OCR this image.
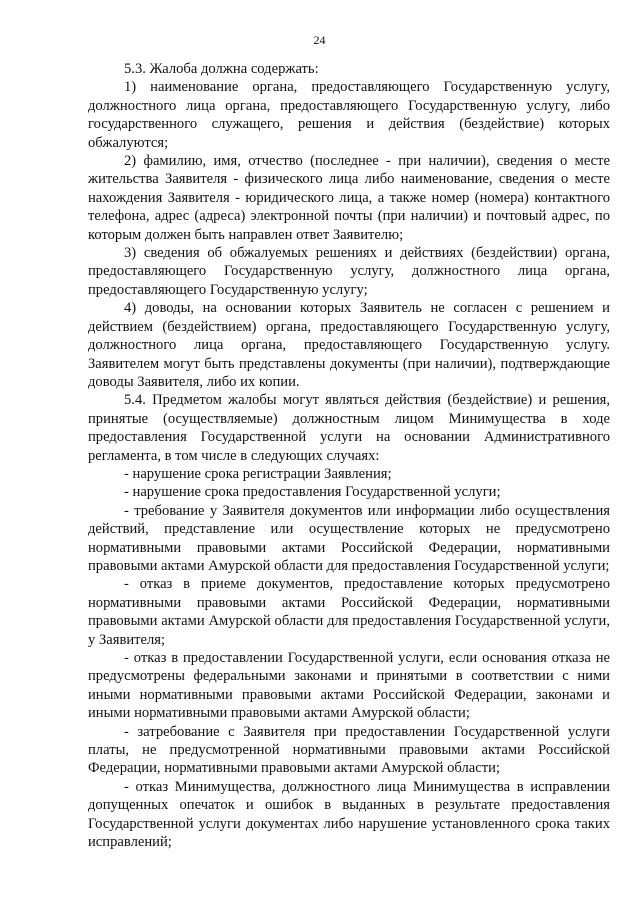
24

5.3. Жалоба должна содержать:

1) наименование органа, предоставляющего Государственную услугу, должностного лица органа, предоставляющего Государственную услугу, либо государственного служащего, решения и действия (бездействие) которых обжалуются;

2) фамилию, имя, отчество (последнее - при наличии), сведения о месте жительства Заявителя - физического лица либо наименование, сведения о месте нахождения Заявителя - юридического лица, а также номер (номера) контактного телефона, адрес (адреса) электронной почты (при наличии) и почтовый адрес, по которым должен быть направлен ответ Заявителю;

3) сведения об обжалуемых решениях и действиях (бездействии) органа, предоставляющего Государственную услугу, должностного лица органа, предоставляющего Государственную услугу;

4) доводы, на основании которых Заявитель не согласен с решением и действием (бездействием) органа, предоставляющего Государственную услугу, должностного лица органа, предоставляющего Государственную услугу. Заявителем могут быть представлены документы (при наличии), подтверждающие доводы Заявителя, либо их копии.

5.4. Предметом жалобы могут являться действия (бездействие) и решения, принятые (осуществляемые) должностным лицом Минимущества в ходе предоставления Государственной услуги на основании Административного регламента, в том числе в следующих случаях:

- нарушение срока регистрации Заявления;

- нарушение срока предоставления Государственной услуги;

- требование у Заявителя документов или информации либо осуществления действий, представление или осуществление которых не предусмотрено нормативными правовыми актами Российской Федерации, нормативными правовыми актами Амурской области для предоставления Государственной услуги;

- отказ в приеме документов, предоставление которых предусмотрено нормативными правовыми актами Российской Федерации, нормативными правовыми актами Амурской области для предоставления Государственной услуги, у Заявителя;

- отказ в предоставлении Государственной услуги, если основания отказа не предусмотрены федеральными законами и принятыми в соответствии с ними иными нормативными правовыми актами Российской Федерации, законами и иными нормативными правовыми актами Амурской области;

- затребование с Заявителя при предоставлении Государственной услуги платы, не предусмотренной нормативными правовыми актами Российской Федерации, нормативными правовыми актами Амурской области;

- отказ Минимущества, должностного лица Минимущества в исправлении допущенных опечаток и ошибок в выданных в результате предоставления Государственной услуги документах либо нарушение установленного срока таких исправлений;
